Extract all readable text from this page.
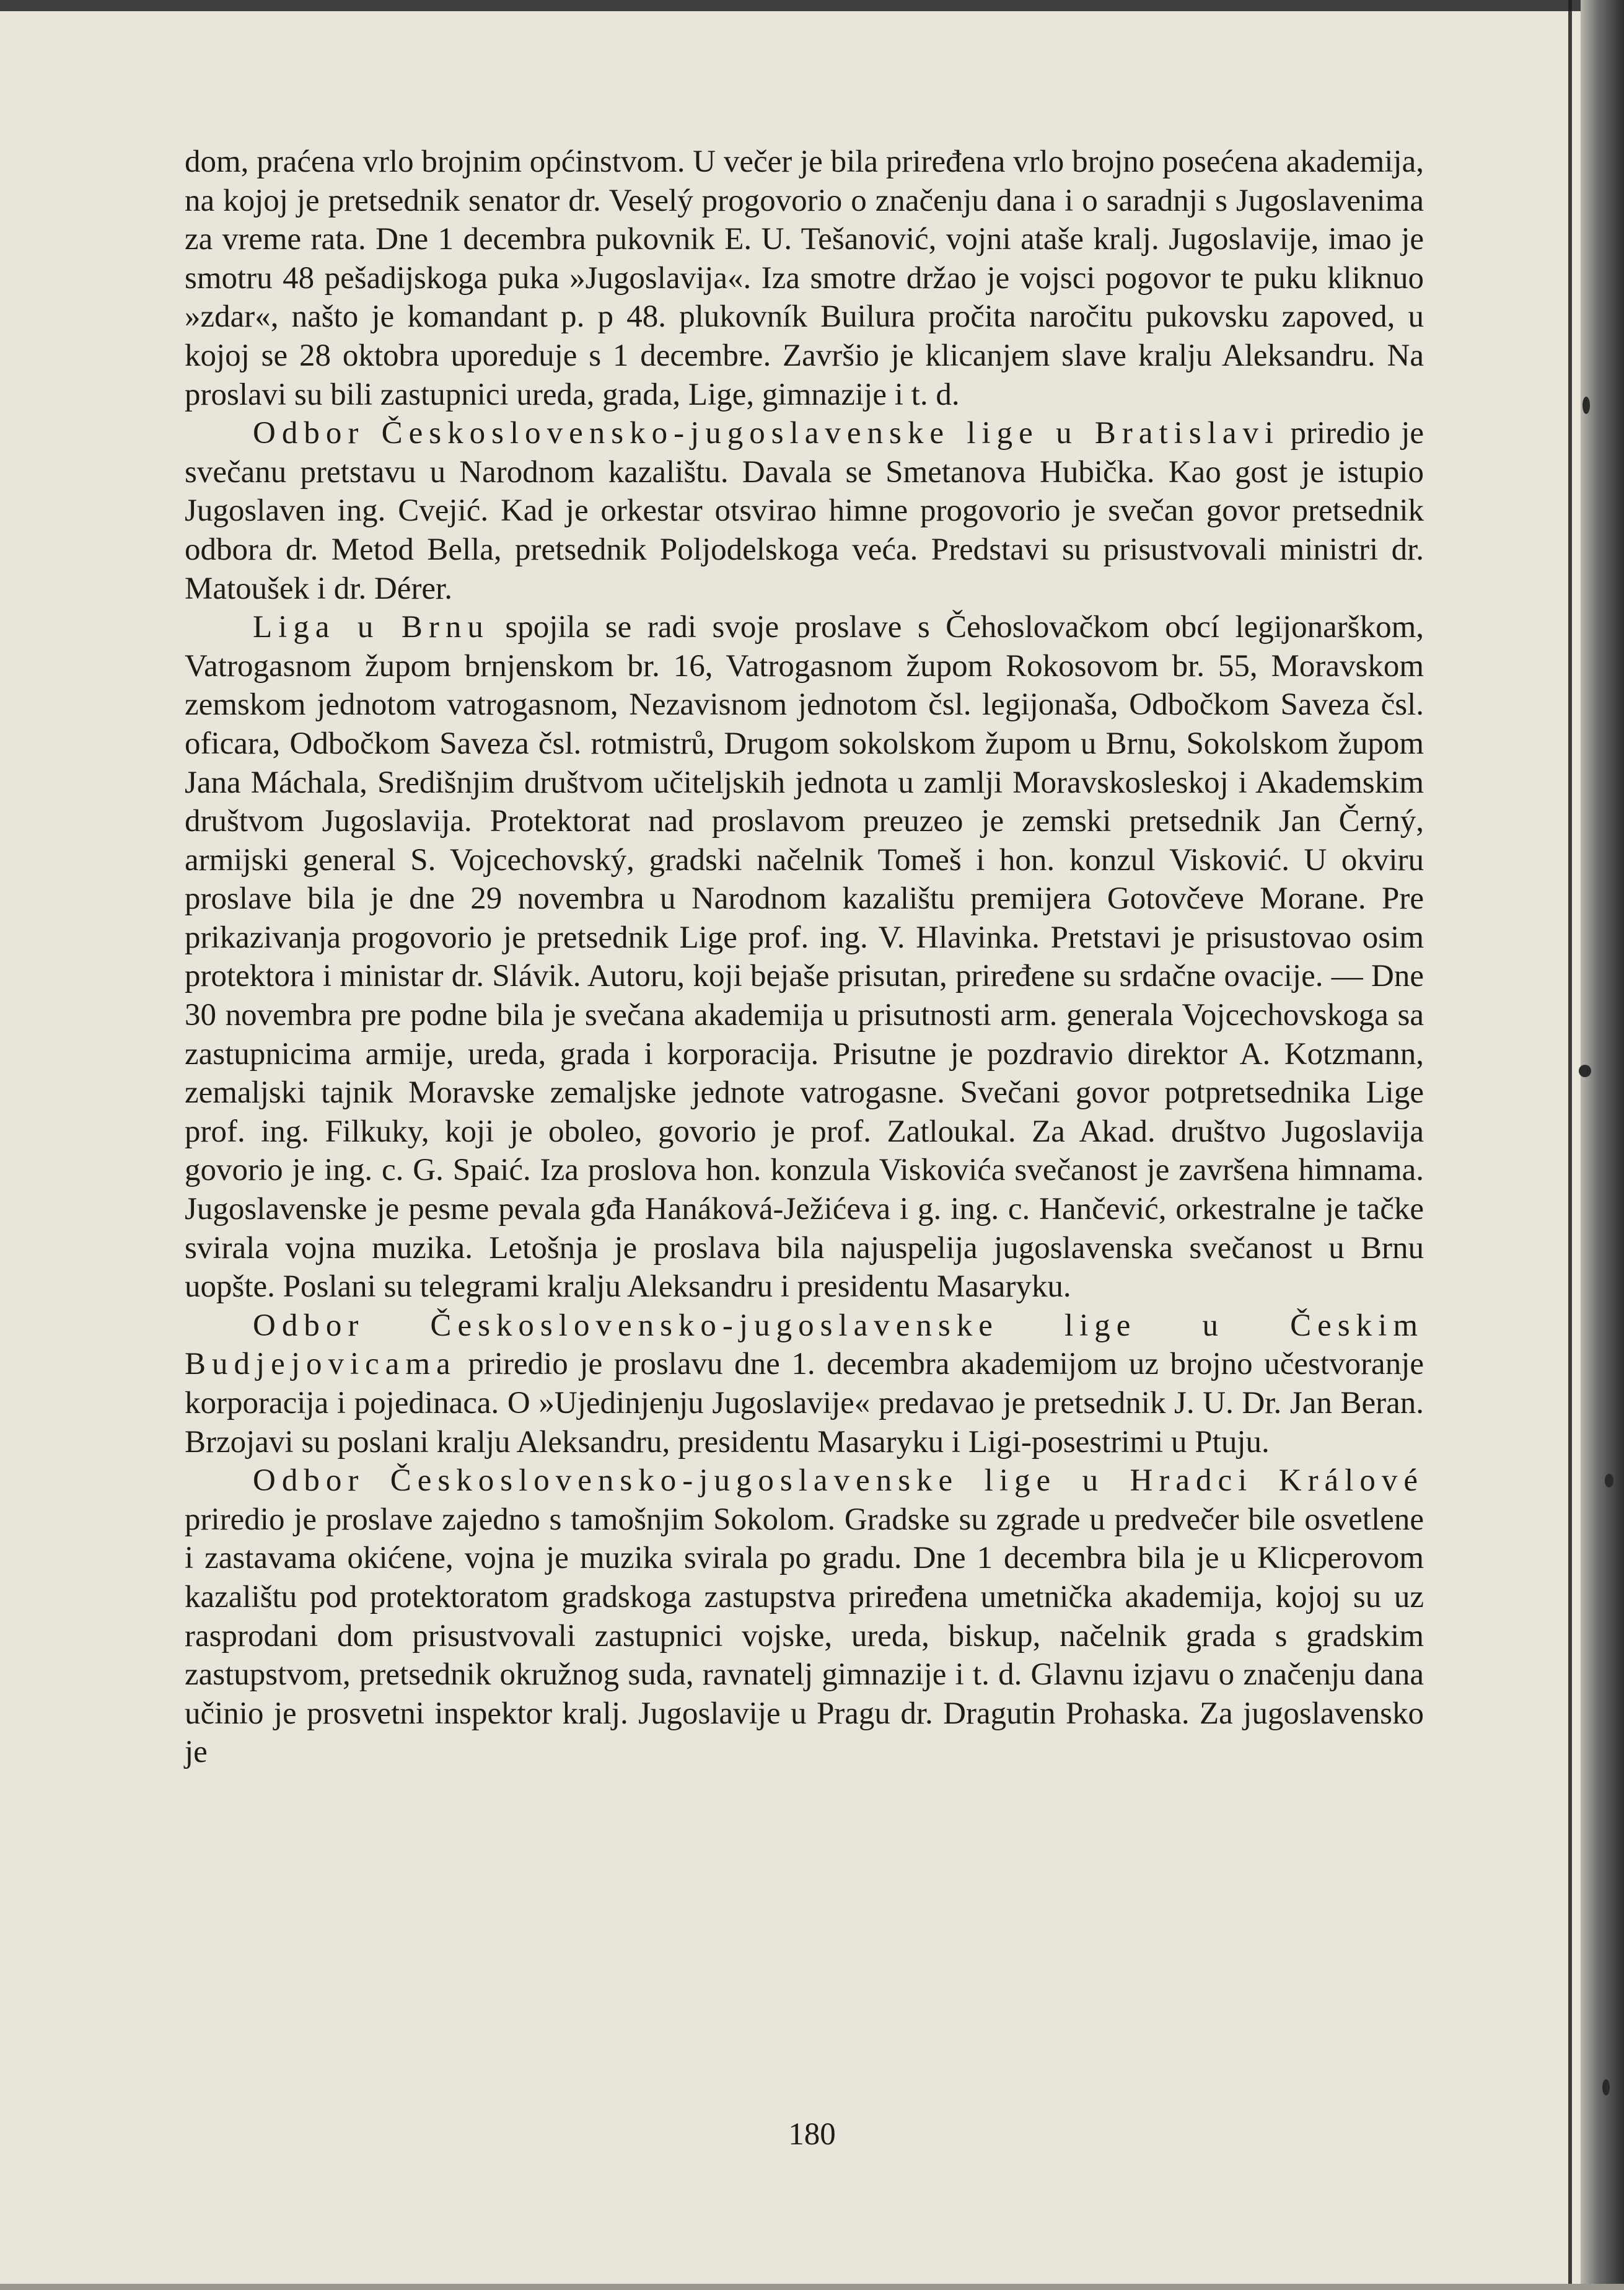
dom, praćena vrlo brojnim općinstvom. U večer je bila priređena vrlo brojno posećena akademija, na kojoj je pretsednik senator dr. Veselý progovorio o značenju dana i o saradnji s Jugoslavenima za vreme rata. Dne 1 decembra pukovnik E. U. Tešanović, vojni ataše kralj. Jugoslavije, imao je smotru 48 pešadijskoga puka »Jugoslavija«. Iza smotre držao je vojsci pogovor te puku kliknuo »zdar«, našto je komandant p. p 48. plukovník Builura pročita naročitu pukovsku zapoved, u kojoj se 28 oktobra uporeduje s 1 decembre. Završio je klicanjem slave kralju Aleksandru. Na proslavi su bili zastupnici ureda, grada, Lige, gimnazije i t. d.

Odbor Československo-jugoslavenske lige u Bratislavi priredio je svečanu pretstavu u Narodnom kazalištu. Davala se Smetanova Hubička. Kao gost je istupio Jugoslaven ing. Cvejić. Kad je orkestar otsvirao himne progovorio je svečan govor pretsednik odbora dr. Metod Bella, pretsednik Poljodelskoga veća. Predstavi su prisustvovali ministri dr. Matoušek i dr. Dérer.

Liga u Brnu spojila se radi svoje proslave s Čehoslovačkom obcí legijonarškom, Vatrogasnom župom brnjenskom br. 16, Vatrogasnom župom Rokosovom br. 55, Moravskom zemskom jednotom vatrogasnom, Nezavisnom jednotom čsl. legijonaša, Odbočkom Saveza čsl. oficara, Odbočkom Saveza čsl. rotmistrů, Drugom sokolskom župom u Brnu, Sokolskom župom Jana Máchala, Središnjim društvom učiteljskih jednota u zamlji Moravskosleskoj i Akademskim društvom Jugoslavija. Protektorat nad proslavom preuzeo je zemski pretsednik Jan Černý, armijski general S. Vojcechovský, gradski načelnik Tomeš i hon. konzul Visković. U okviru proslave bila je dne 29 novembra u Narodnom kazalištu premijera Gotovčeve Morane. Pre prikazivanja progovorio je pretsednik Lige prof. ing. V. Hlavinka. Pretstavi je prisustovao osim protektora i ministar dr. Slávik. Autoru, koji bejaše prisutan, priređene su srdačne ovacije. — Dne 30 novembra pre podne bila je svečana akademija u prisutnosti arm. generala Vojcechovskoga sa zastupnicima armije, ureda, grada i korporacija. Prisutne je pozdravio direktor A. Kotzmann, zemaljski tajnik Moravske zemaljske jednote vatrogasne. Svečani govor potpretsednika Lige prof. ing. Filkuky, koji je oboleo, govorio je prof. Zatloukal. Za Akad. društvo Jugoslavija govorio je ing. c. G. Spaić. Iza proslova hon. konzula Viskovića svečanost je završena himnama. Jugoslavenske je pesme pevala gđa Hanáková-Ježićeva i g. ing. c. Hančević, orkestralne je tačke svirala vojna muzika. Letošnja je proslava bila najuspelija jugoslavenska svečanost u Brnu uopšte. Poslani su telegrami kralju Aleksandru i presidentu Masaryku.

Odbor Československo-jugoslavenske lige u Českim Budjejovicama priredio je proslavu dne 1. decembra akademijom uz brojno učestvoranje korporacija i pojedinaca. O »Ujedinjenju Jugoslavije« predavao je pretsednik J. U. Dr. Jan Beran. Brzojavi su poslani kralju Aleksandru, presidentu Masaryku i Ligi-posestrimi u Ptuju.

Odbor Československo-jugoslavenske lige u Hradci Králové priredio je proslave zajedno s tamošnjim Sokolom. Gradske su zgrade u predvečer bile osvetlene i zastavama okićene, vojna je muzika svirala po gradu. Dne 1 decembra bila je u Klicperovom kazalištu pod protektoratom gradskoga zastupstva priređena umetnička akademija, kojoj su uz rasprodani dom prisustvovali zastupnici vojske, ureda, biskup, načelnik grada s gradskim zastupstvom, pretsednik okružnog suda, ravnatelj gimnazije i t. d. Glavnu izjavu o značenju dana učinio je prosvetni inspektor kralj. Jugoslavije u Pragu dr. Dragutin Prohaska. Za jugoslavensko je

180
